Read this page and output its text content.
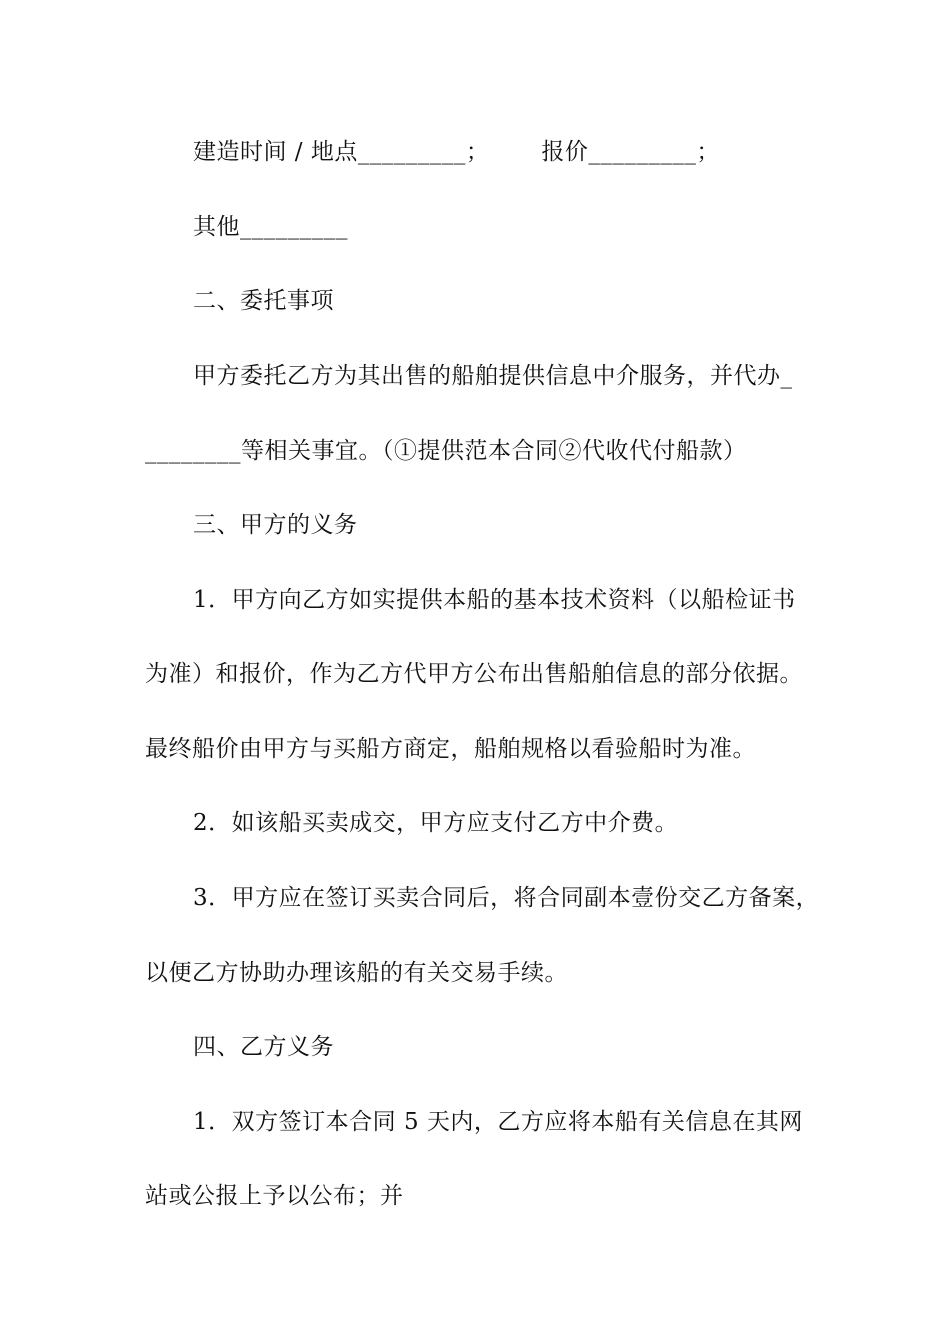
建造时间 / 地点_________； 报价_________；
其他_________
二、委托事项
甲方委托乙方为其出售的船舶提供信息中介服务，并代办_
________等相关事宜。（①提供范本合同②代收代付船款）
三、甲方的义务
1．甲方向乙方如实提供本船的基本技术资料（以船检证书
为准）和报价，作为乙方代甲方公布出售船舶信息的部分依据。
最终船价由甲方与买船方商定，船舶规格以看验船时为准。
2．如该船买卖成交，甲方应支付乙方中介费。
3．甲方应在签订买卖合同后，将合同副本壹份交乙方备案，
以便乙方协助办理该船的有关交易手续。
四、乙方义务
1．双方签订本合同 5 天内，乙方应将本船有关信息在其网
站或公报上予以公布；并
